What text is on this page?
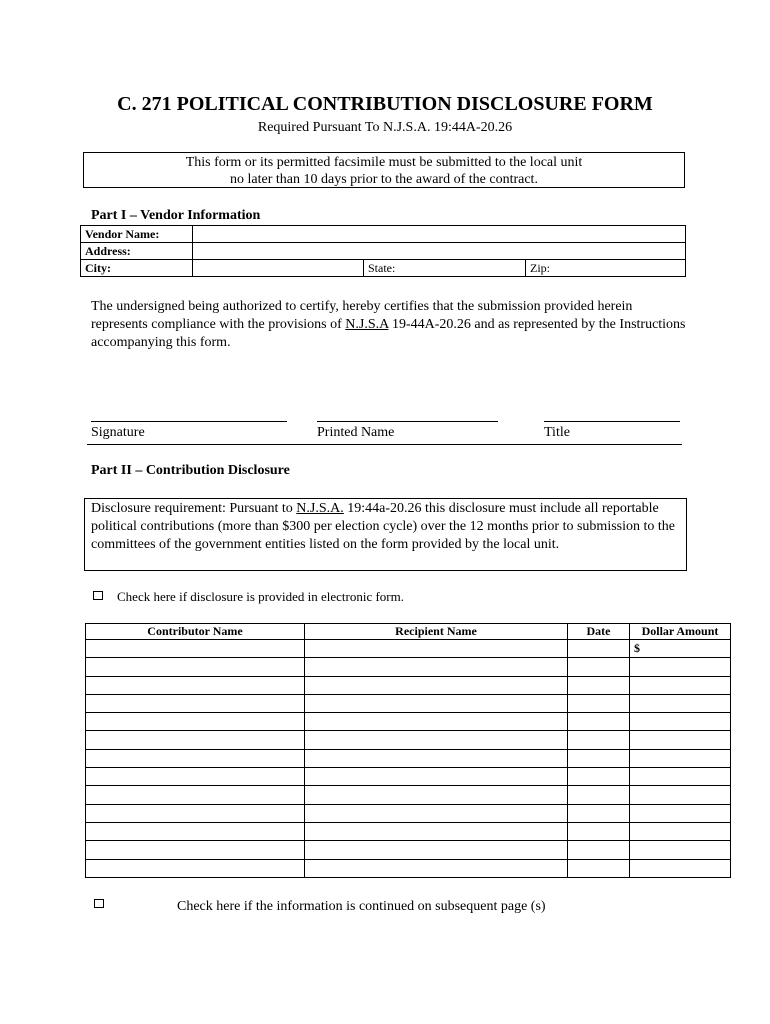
C. 271 POLITICAL CONTRIBUTION DISCLOSURE FORM
Required Pursuant To N.J.S.A. 19:44A-20.26
This form or its permitted facsimile must be submitted to the local unit
no later than 10 days prior to the award of the contract.
Part I – Vendor Information
Vendor Name:			
Address:			
City:		State:	Zip:
The undersigned being authorized to certify, hereby certifies that the submission provided herein represents compliance with the provisions of N.J.S.A 19-44A-20.26 and as represented by the Instructions accompanying this form.
Signature	Printed Name	Title
Part II – Contribution Disclosure
Disclosure requirement: Pursuant to N.J.S.A. 19:44a-20.26 this disclosure must include all reportable political contributions (more than $300 per election cycle) over the 12 months prior to submission to the committees of the government entities listed on the form provided by the local unit.
Check here if disclosure is provided in electronic form.
Contributor Name	Recipient Name	Date	Dollar Amount
			$

Check here if the information is continued on subsequent page (s)
